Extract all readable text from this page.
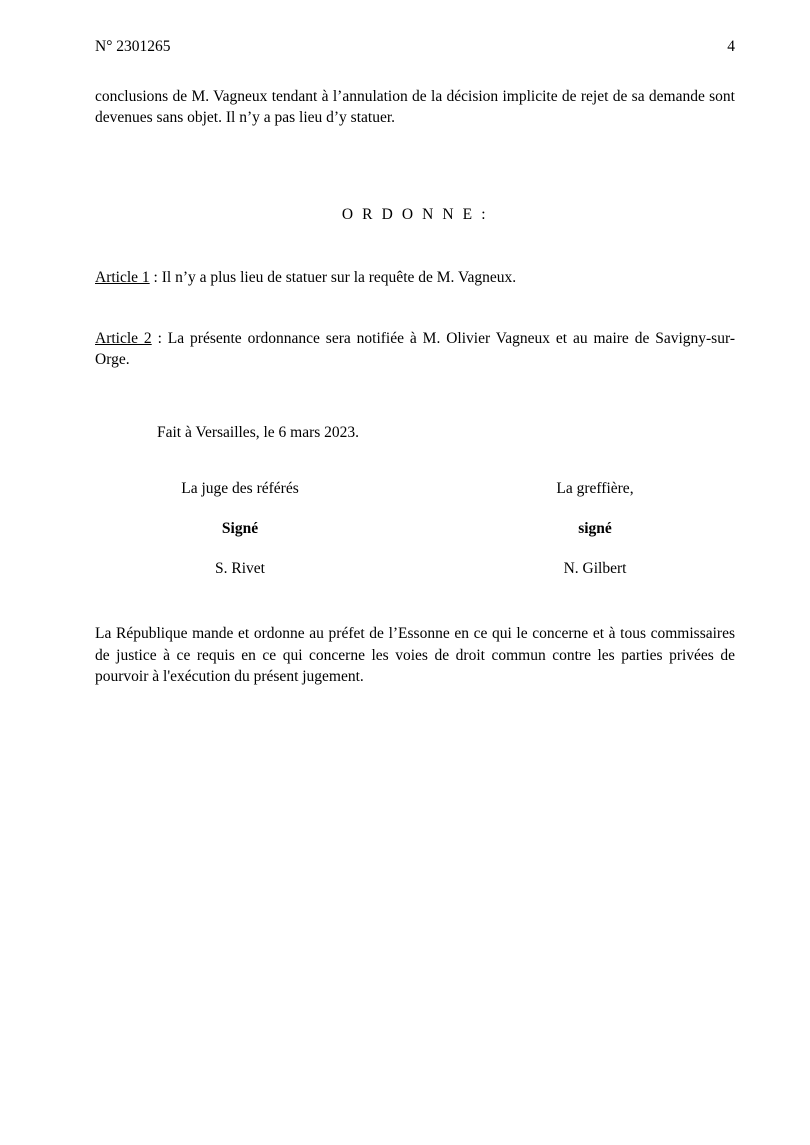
N° 2301265	4

conclusions de M. Vagneux tendant à l’annulation de la décision implicite de rejet de sa demande sont devenues sans objet. Il n’y a pas lieu d’y statuer.

O R D O N N E :
Article 1 : Il n’y a plus lieu de statuer sur la requête de M. Vagneux.
Article 2 : La présente ordonnance sera notifiée à M. Olivier Vagneux et au maire de Savigny-sur-Orge.
Fait à Versailles, le 6 mars 2023.
La juge des référés	La greffière,
Signé	signé
S. Rivet	N. Gilbert

La République mande et ordonne au préfet de l’Essonne en ce qui le concerne et à tous commissaires de justice à ce requis en ce qui concerne les voies de droit commun contre les parties privées de pourvoir à l'exécution du présent jugement.
